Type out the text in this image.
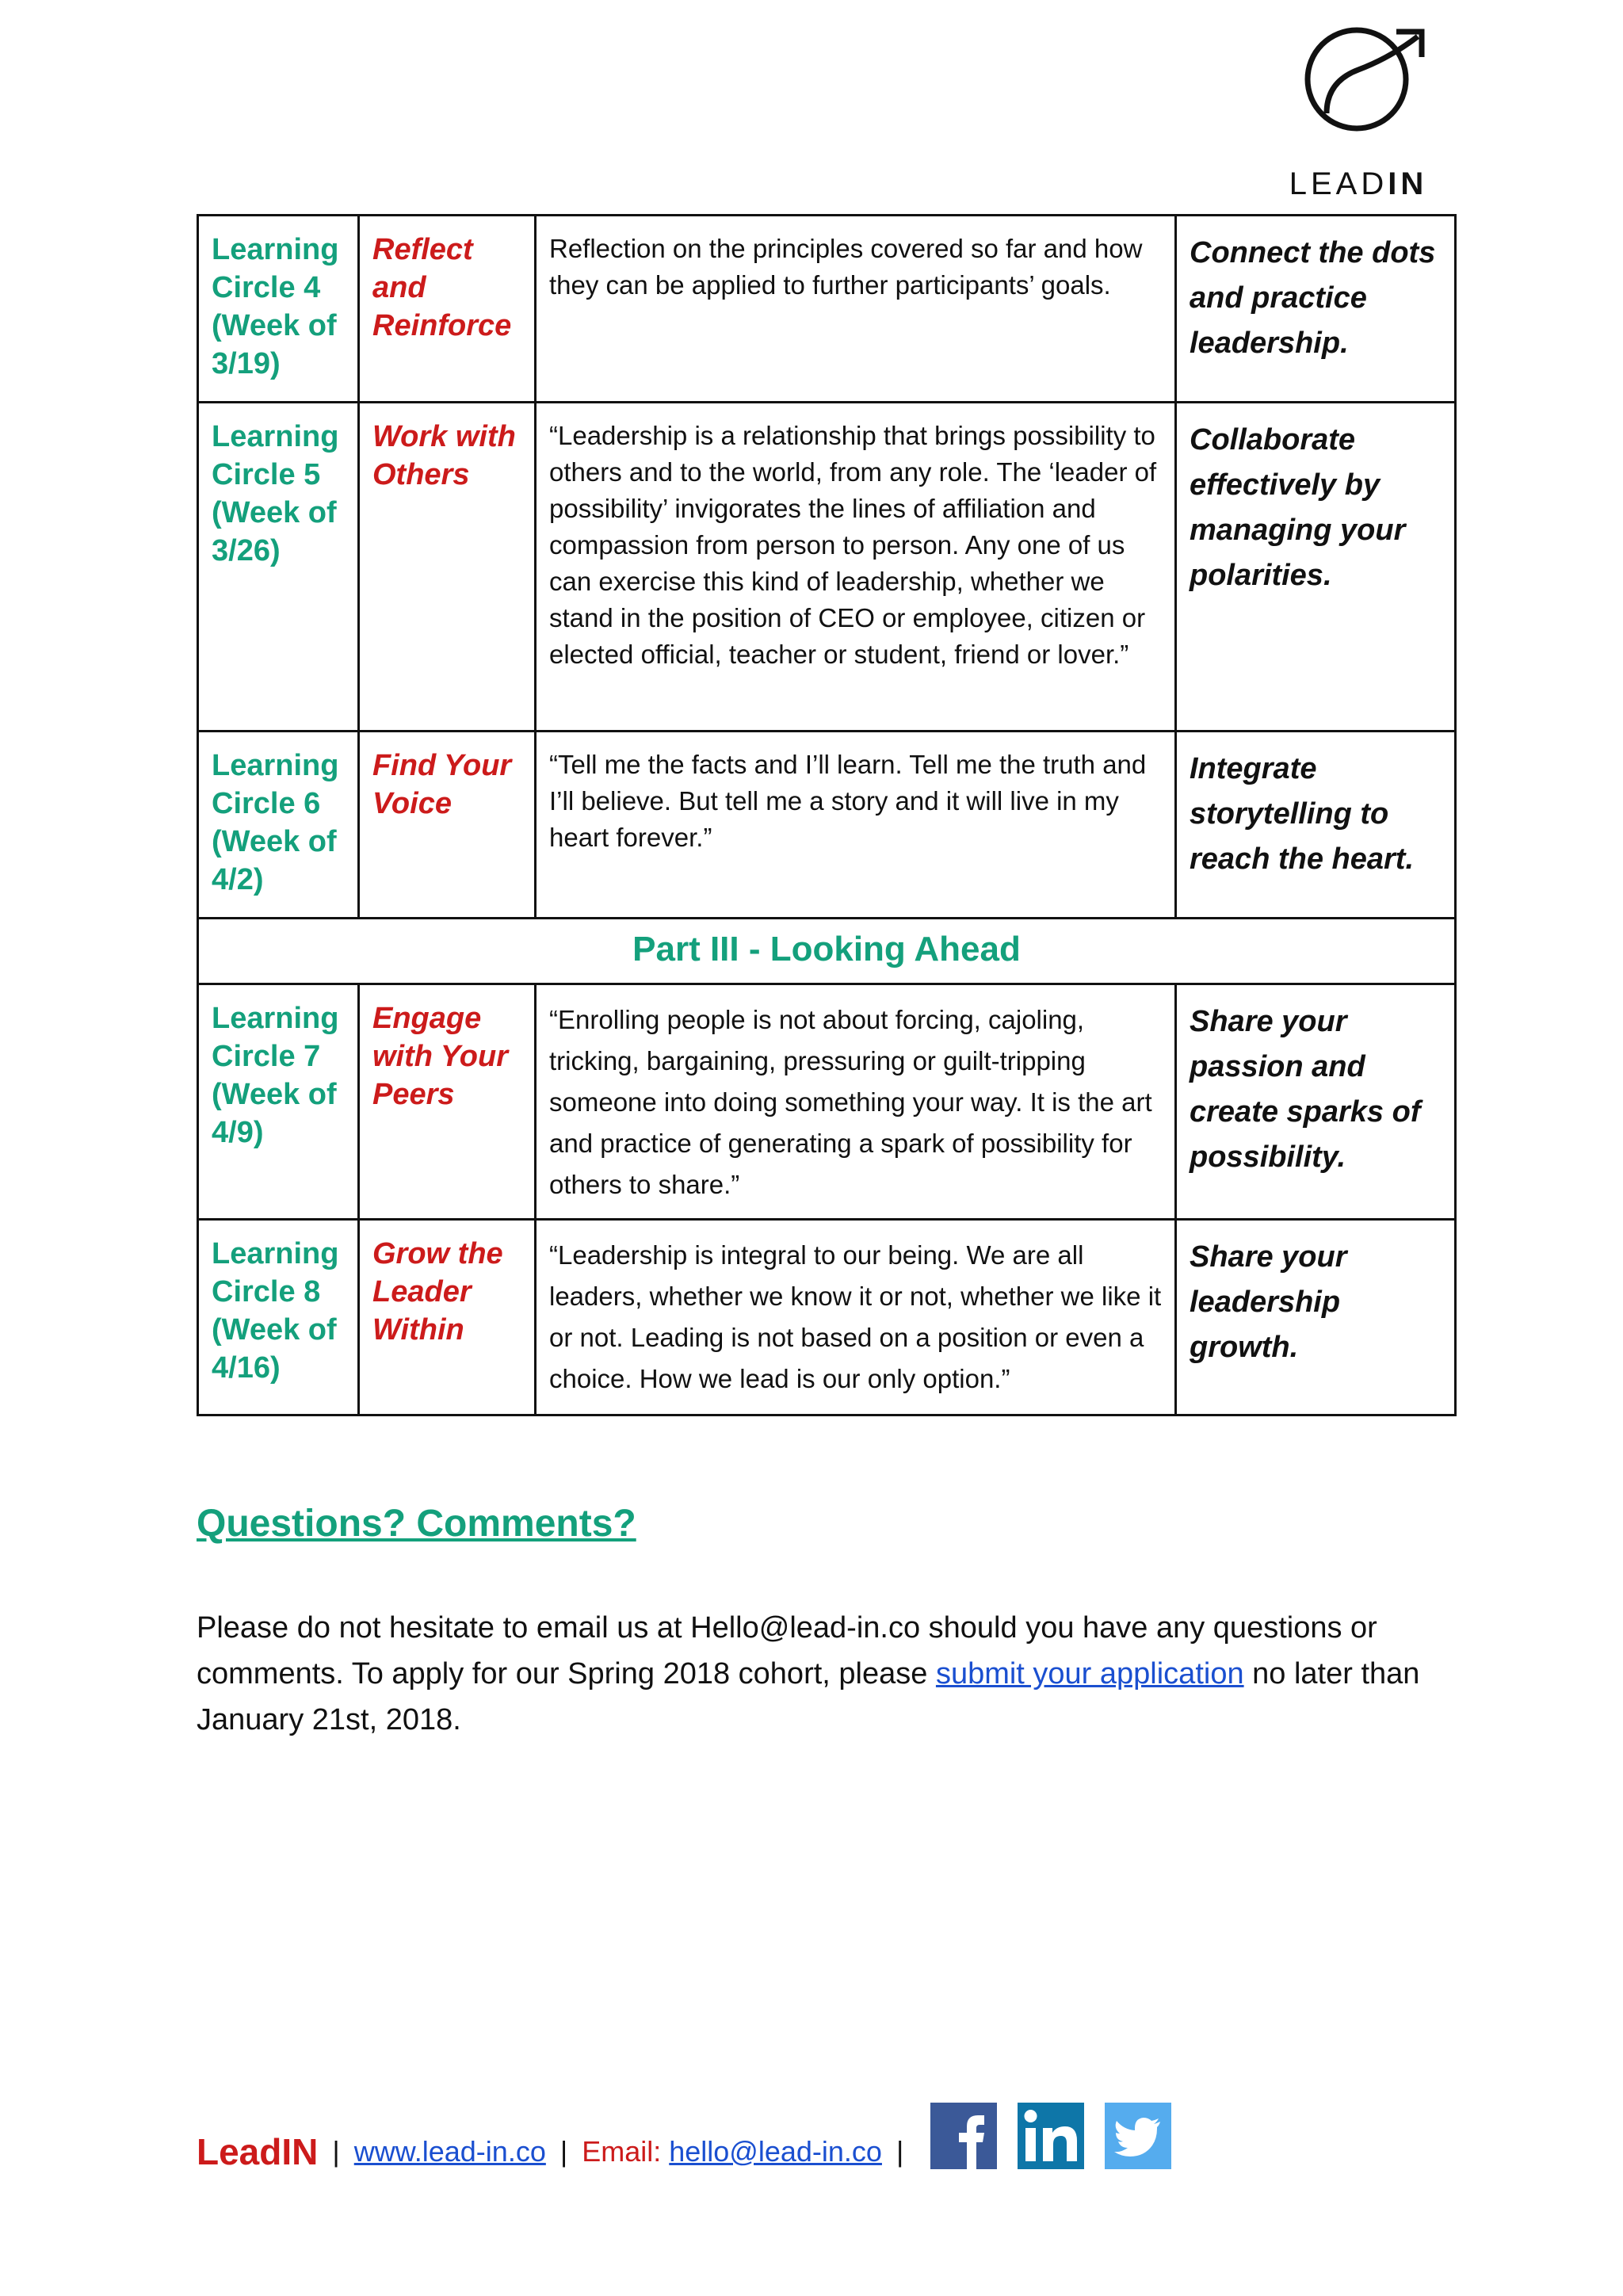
LEADIN
Learning Circle 4 (Week of 3/19)	Reflect and Reinforce	Reflection on the principles covered so far and how they can be applied to further participants’ goals.	Connect the dots and practice leadership.

Learning Circle 5 (Week of 3/26)	Work with Others	“Leadership is a relationship that brings possibility to others and to the world, from any role. The ‘leader of possibility’ invigorates the lines of affiliation and compassion from person to person. Any one of us can exercise this kind of leadership, whether we stand in the position of CEO or employee, citizen or elected official, teacher or student, friend or lover.”	Collaborate effectively by managing your polarities.

Learning Circle 6 (Week of 4/2)	Find Your Voice	“Tell me the facts and I’ll learn. Tell me the truth and I’ll believe. But tell me a story and it will live in my heart forever.”	Integrate storytelling to reach the heart.

Part III - Looking Ahead			

Learning Circle 7 (Week of 4/9)	Engage with Your Peers	“Enrolling people is not about forcing, cajoling, tricking, bargaining, pressuring or guilt-tripping someone into doing something your way. It is the art and practice of generating a spark of possibility for others to share.”	Share your passion and create sparks of possibility.

Learning Circle 8 (Week of 4/16)	Grow the Leader Within	“Leadership is integral to our being. We are all leaders, whether we know it or not, whether we like it or not. Leading is not based on a position or even a choice. How we lead is our only option.”	Share your leadership growth.
Questions? Comments?
Please do not hesitate to email us at Hello@lead-in.co should you have any questions or comments. To apply for our Spring 2018 cohort, please submit your application no later than January 21st, 2018.
LeadIN | www.lead-in.co | Email:
hello@lead-in.co |
